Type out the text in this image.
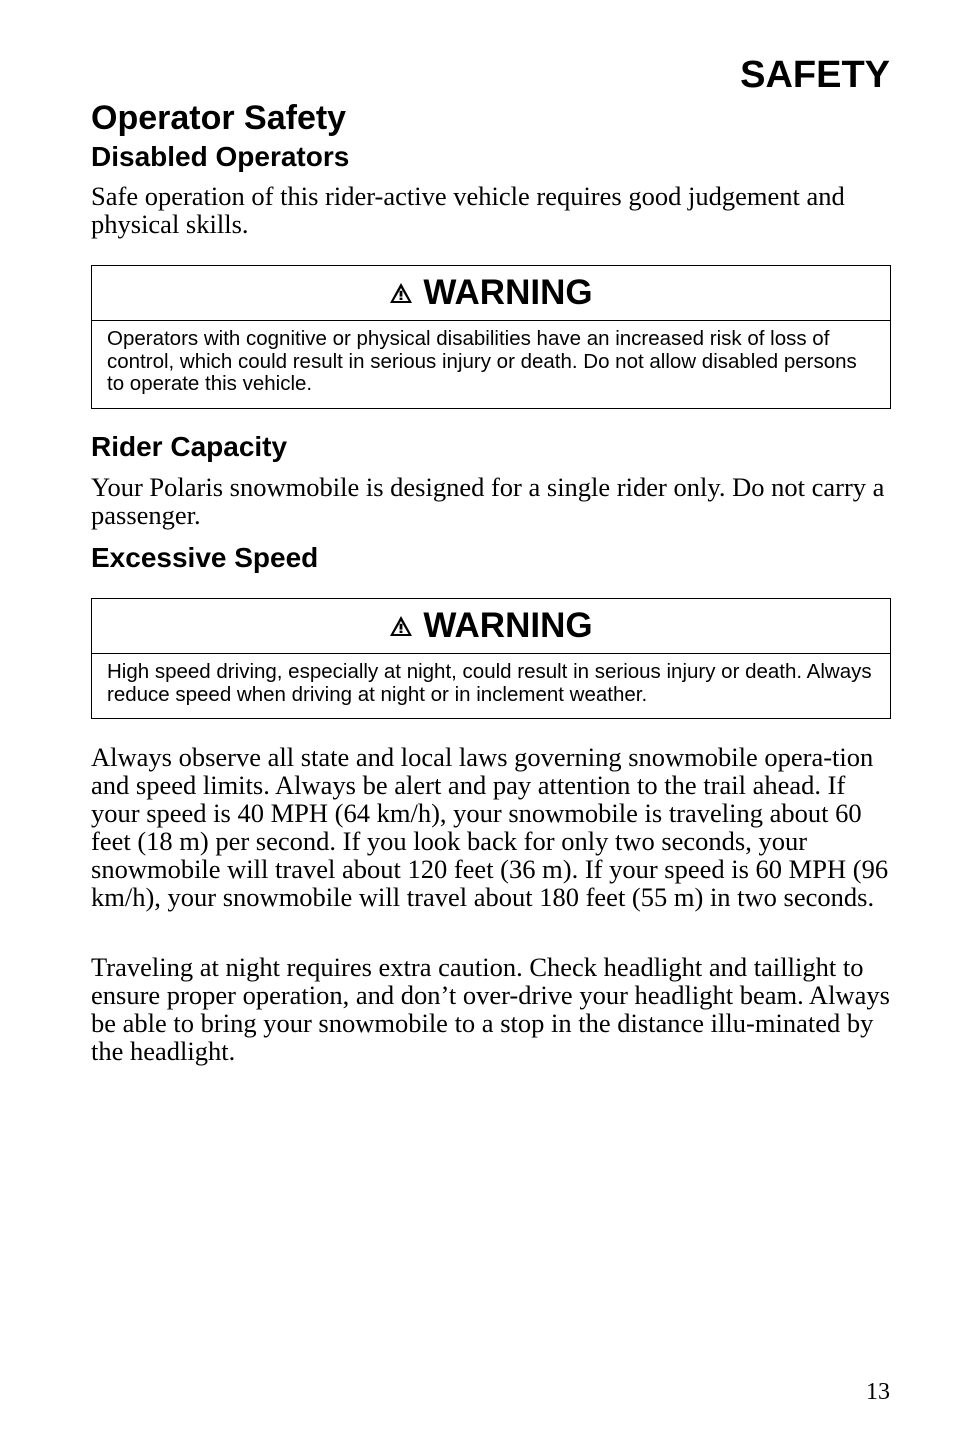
SAFETY
Operator Safety
Disabled Operators

Safe operation of this rider-active vehicle requires good judgement and physical skills.

WARNING
Operators with cognitive or physical disabilities have an increased risk of loss of control, which could result in serious injury or death. Do not allow disabled persons to operate this vehicle.
Rider Capacity

Your Polaris snowmobile is designed for a single rider only. Do not carry a passenger.

Excessive Speed
WARNING
High speed driving, especially at night, could result in serious injury or death. Always reduce speed when driving at night or in inclement weather.

Always observe all state and local laws governing snowmobile opera-tion and speed limits. Always be alert and pay attention to the trail ahead. If your speed is 40 MPH (64 km/h), your snowmobile is traveling about 60 feet (18 m) per second. If you look back for only two seconds, your snowmobile will travel about 120 feet (36 m). If your speed is 60 MPH (96 km/h), your snowmobile will travel about 180 feet (55 m) in two seconds.

Traveling at night requires extra caution. Check headlight and taillight to ensure proper operation, and don’t over-drive your headlight beam. Always be able to bring your snowmobile to a stop in the distance illu-minated by the headlight.

13
